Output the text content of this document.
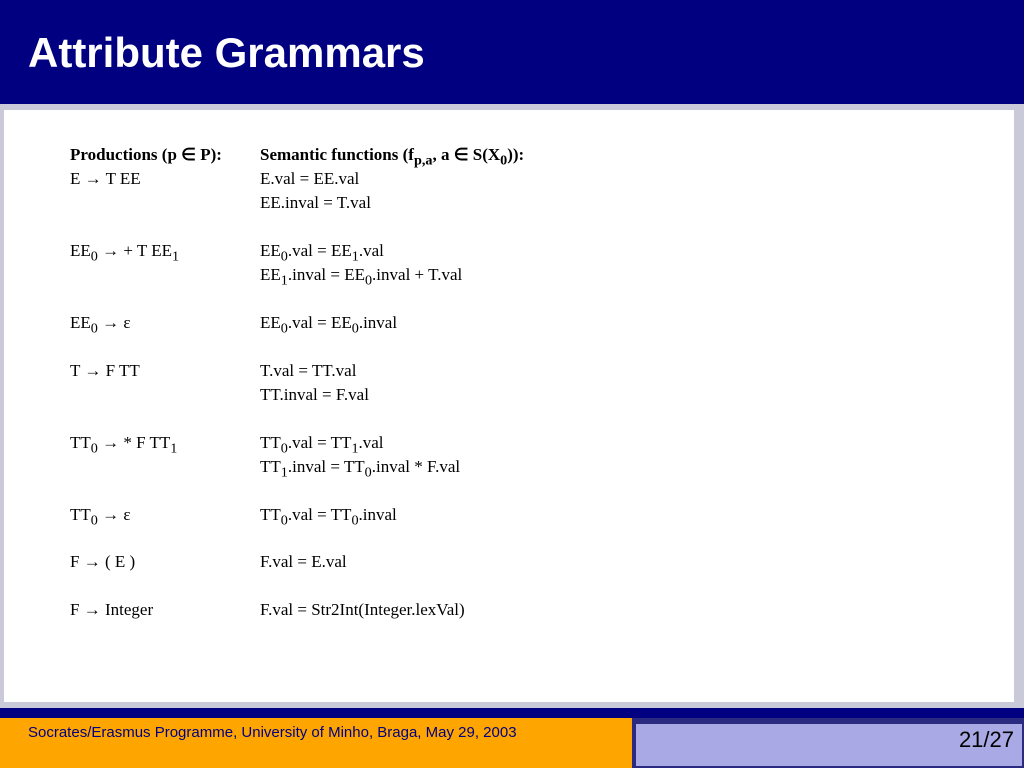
Attribute Grammars
Productions (p ∈ P): Semantic functions ($f_{p,a}$, a ∈ $S(X_0)$):
E → T EE	E.val = EE.val
EE.inval = T.val
$EE_0$ → + T $EE_1$	$EE_0.val = EE_1.val$
$EE_1.inval$ = $EE_0.inval + T.val$
$EE_0 \to \varepsilon$	$EE_0.val$ = $EE_0.inval$
T → F TT	T.val = TT.val
TT.inval = F.val
$TT_0$ → * F $TT_1$	$TT_0.val = TT_1.val$
$TT_1.inval$ = $TT_0.inval * F.val$
$TT_0 \to \varepsilon$	$TT_0.val$ = $TT_0.inval$
F → ( E )	F.val = E.val
F → Integer	F.val = Str2Int(Integer.lexVal)
Socrates/Erasmus Programme, University of Minho, Braga, May 29, 2003	21/27
